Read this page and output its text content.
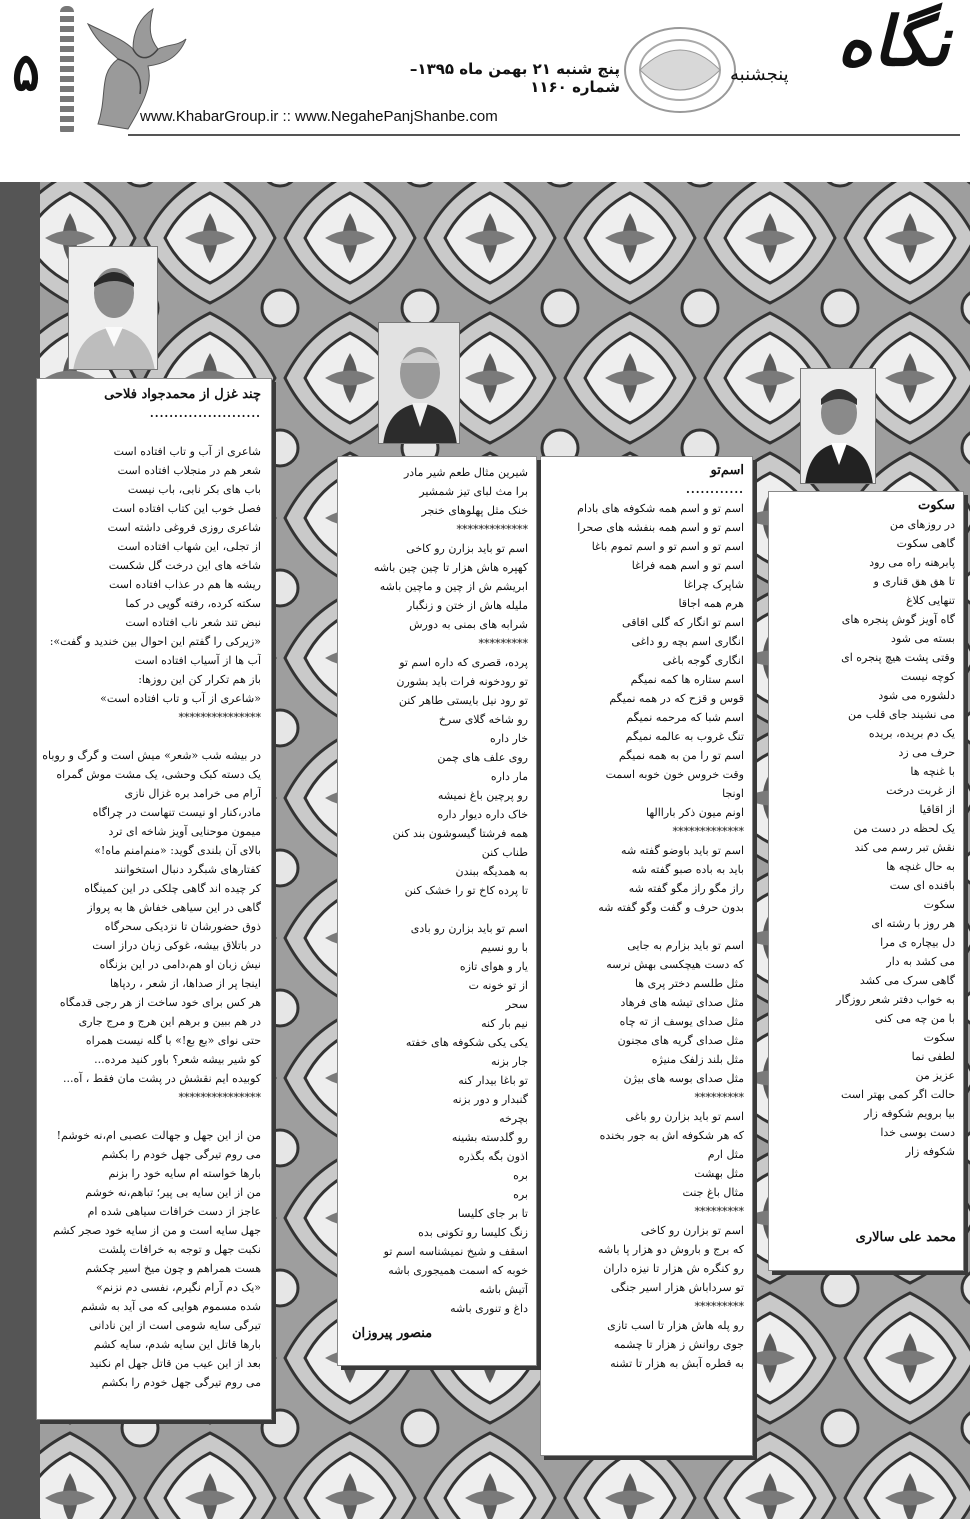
۵	پنج شنبه ۲۱ بهمن ماه ۱۳۹۵– شماره ۱۱۶۰
www.KhabarGroup.ir :: www.NegahePanjShanbe.com
نگاه
پنجشنبه
سکوت
در روزهای من
گاهی سکوت
پابرهنه راه می رود
تا هق هق قناری و
تنهایی کلاغ
گاه آویز گوش پنجره های
بسته می شود
وقتی پشت هیچ پنجره ای
کوچه نیست
دلشوره می شود
می نشیند جای قلب من
یک دم بریده، بریده
حرف می زد
با غنچه ها
از غربت درخت
از اقاقیا
یک لحظه در دست من
نقش تبر رسم می کند
به حال غنچه ها
بافنده ای ست
سکوت
هر روز با رشته ای
دل بیچاره ی مرا
می کشد به دار
گاهی سرک می کشد
به خواب دفتر شعر روزگار
با من چه می کنی
سکوت
لطفی نما
عزیز من
حالت اگر کمی بهتر است
بیا برویم شکوفه زار
دست بوسی خدا
شکوفه زار
محمد علی سالاری
اسم‌تو
............
اسم تو و اسم همه شکوفه های بادام
اسم تو و اسم همه بنفشه های صحرا
اسم تو و اسم تو و اسم تموم باغا
اسم تو و اسم همه فراغا
شاپرک چراغا
هرم همه اجاقا
اسم تو انگار که گلی اقاقی
انگاری اسم بچه رو داغی
انگاری گوجه باغی
اسم ستاره ها کمه نمیگم
قوس و قزح که در همه نمیگم
اسم شبا که مرحمه نمیگم
تنگ غروب به عالمه نمیگم
اسم تو را من به همه نمیگم
وقت خروس خون خوبه اسمت
اونجا
اونم میون ذکر باراالها
*************
اسم تو باید باوضو گفته شه
باید به باده صبو گفته شه
راز مگو راز مگو گفته شه
بدون حرف و گفت وگو گفته شه
اسم تو باید بزارم به جایی
که دست هیچکسی بهش نرسه
مثل طلسم دختر پری ها
مثل صدای تیشه های فرهاد
مثل صدای یوسف از ته چاه
مثل صدای گریه های مجنون
مثل بلند زلفک منیژه
مثل صدای بوسه های بیژن
*********
اسم تو باید بزارن رو باغی
که هر شکوفه اش به جور بخنده
مثل ارم
مثل بهشت
مثال باغ جنت
*********
اسم تو بزارن رو کاخی
که برج و باروش دو هزار پا باشه
رو کنگره ش هزار تا نیزه داران
تو سرداباش هزار اسیر جنگی
*********
رو پله هاش هزار تا اسب تازی
جوی روانش ز هزار تا چشمه
به قطره آبش به هزار تا تشنه
شیرین مثال طعم شیر مادر
برا مث لبای تیز شمشیر
خنک مثل پهلوهای خنجر
*************
اسم تو باید بزارن رو کاخی
کهپره هاش هزار تا چین چین باشه
ابریشم ش از چین و ماچین باشه
مليله هاش از ختن و زنگبار
شرابه های بمنی به دورش
*********
پرده، قصری که داره اسم تو
تو رودخونه فرات باید بشورن
تو رود نیل بایستی طاهر کنن
رو شاخه گلای سرخ
خار داره
روی علف های چمن
مار داره
رو پرچین باغ نمیشه
خاک داره دیوار داره
همه فرشتا گیسوشون بند کنن
طناب کنن
به همدیگه ببندن
تا پرده کاخ تو را خشک کنن
اسم تو باید بزارن رو بادی
با رو نسیم
یار و هوای تازه
از تو خونه ت
سحر
نیم بار کنه
یکی یکی شکوفه های خفته
جار بزنه
تو باغا بیدار کنه
گنبدار و دور بزنه
بچرخه
رو گلدسته بشینه
اذون بگه بگذره
بره
بره
تا بر جای کلیسا
زنگ کلیسا رو تکونی بده
اسقف و شیخ نمیشناسه اسم تو
خوبه که اسمت همیجوری باشه
آتیش باشه
داغ و تنوری باشه
منصور پیروزان
چند غزل از محمدجواد فلاحی
.......................
شاعری از آب و تاب افتاده است
شعر هم در منجلاب افتاده است
باب های بکر نابی، باب نیست
فصل خوب این کتاب افتاده است
شاعری روزی فروغی داشته است
از تجلی، این شهاب افتاده است
شاخه های این درخت گل شکست
ریشه ها هم در عذاب افتاده است
سکته کرده، رفته گویی در کما
نبض تند شعر ناب افتاده است
«زیرکی را گفتم این احوال بین خندید و گفت»:
آب ها از آسیاب افتاده است
باز هم تکرار کن این روزها:
«شاعری از آب و تاب افتاده است»
***************
در بیشه شب «شعر» میش است و گرگ و روباه
یک دسته کبک وحشی، یک مشت موش گمراه
آرام می خرامد بره غزال نازی
مادر،کنار او نیست تنهاست در چراگاه
میمون موحنایی آویز شاخه ای ترد
بالای آن بلندی گوید: «منم‌امنم ماه!»
کفتارهای شبگرد دنبال استخوانند
کر چیده اند گاهی چلکی در این کمینگاه
گاهی در این سیاهی خفاش ها به پرواز
ذوق حضورشان تا نزدیکی سحرگاه
در باتلاق بیشه، غوکی زبان دراز است
نیش زبان او هم،دامی در این بزنگاه
اینجا پر از صداها، از شعر ، ردپاها
هر کس برای خود ساخت از هر رجی قدمگاه
در هم ببین و برهم این هرج و مرج جاری
حتی نوای «بع بع!» با گله نیست همراه
کو شیر بیشه شعر؟ باور کنید مرده...
کوبیده ایم نقشش در پشت مان فقط ، آه...
***************
من از این جهل و جهالت عصبی ام،نه خوشم!
می روم تیرگی جهل خودم را بکشم
بارها خواسته ام سایه خود را بزنم
من از این سایه بی پیر؛ تباهم،نه خوشم
عاجز از دست خرافات سیاهی شده ام
جهل سایه است و من از سایه خود صجر کشم
نکبت جهل و توجه به خرافات پلشت
هست همراهم و چون میخ اسیر چکشم
«یک دم آرام نگیرم، نفسی دم نزنم»
شده مسموم هوایی که می آید به ششم
تیرگی سایه شومی است از این نادانی
بارها قاتل این سایه شدم، سایه کشم
بعد از این عیب من قاتل جهل ام نکنید
می روم تیرگی جهل خودم را بکشم
